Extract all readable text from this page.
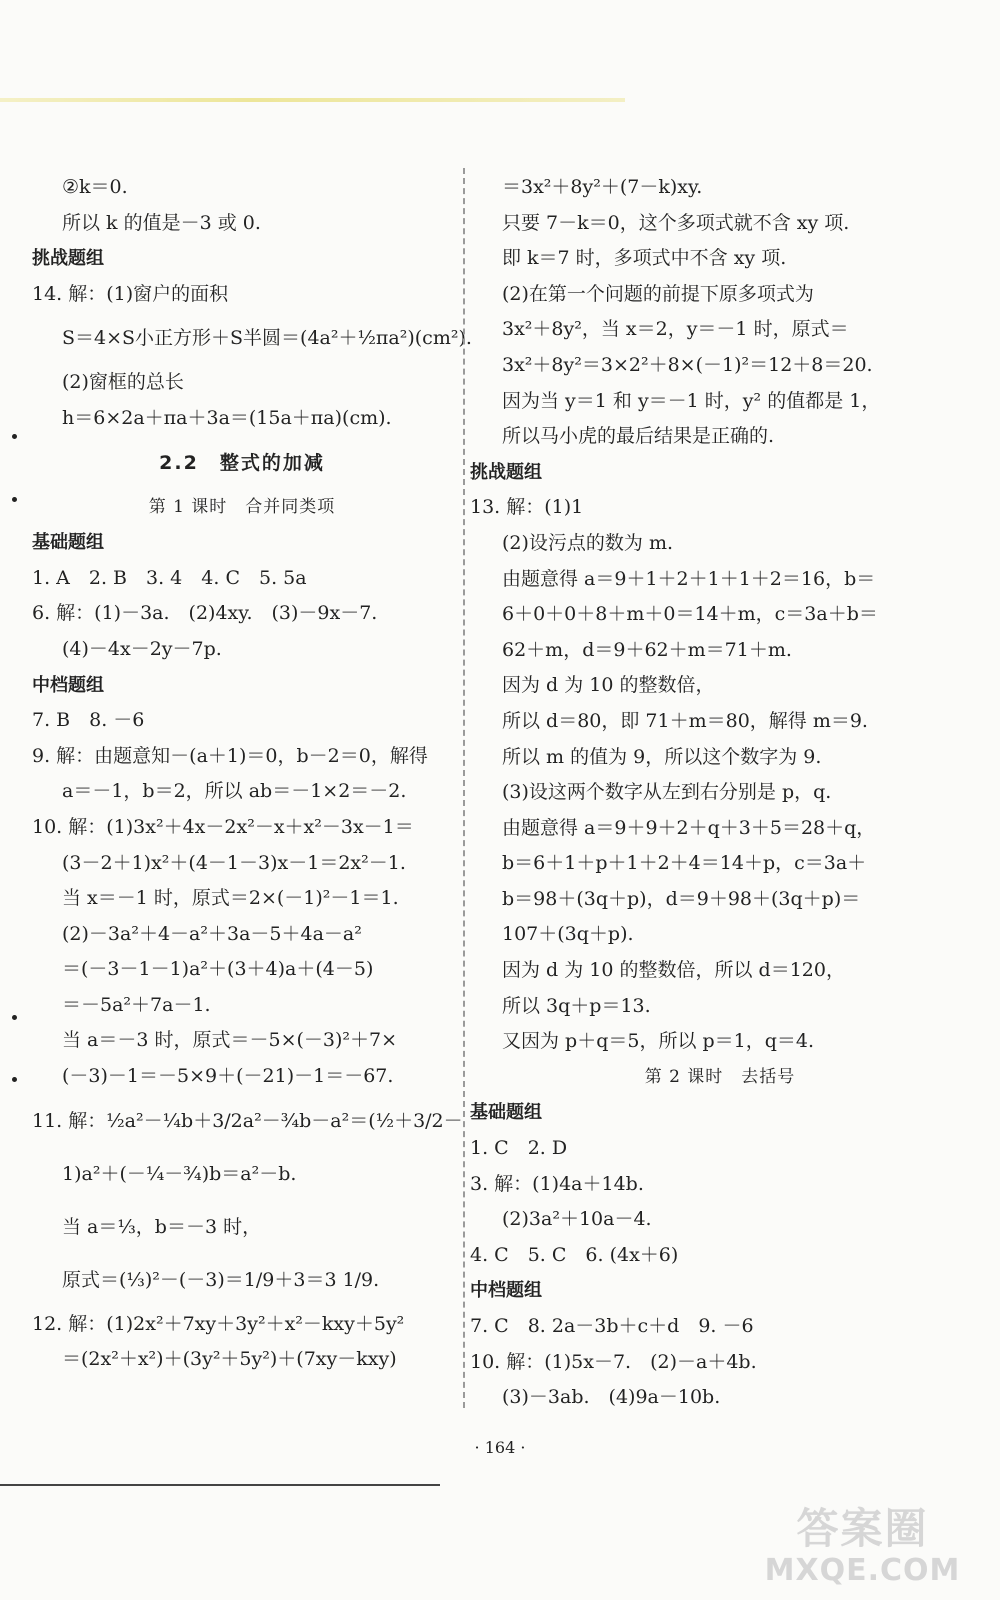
②k＝0.
所以 k 的值是－3 或 0.
挑战题组
14. 解：(1)窗户的面积
S＝4×S小正方形＋S半圆＝(4a²＋½πa²)(cm²).
(2)窗框的总长
h＝6×2a＋πa＋3a＝(15a＋πa)(cm).
2.2　整式的加减
第 1 课时　合并同类项
基础题组
1. A　2. B　3. 4　4. C　5. 5a
6. 解：(1)－3a.　(2)4xy.　(3)－9x－7.
(4)－4x－2y－7p.
中档题组
7. B　8. －6
9. 解：由题意知－(a＋1)＝0，b－2＝0，解得
a＝－1，b＝2，所以 ab＝－1×2＝－2.
10. 解：(1)3x²＋4x－2x²－x＋x²－3x－1＝
(3－2＋1)x²＋(4－1－3)x－1＝2x²－1.
当 x＝－1 时，原式＝2×(－1)²－1＝1.
(2)－3a²＋4－a²＋3a－5＋4a－a²
＝(－3－1－1)a²＋(3＋4)a＋(4－5)
＝－5a²＋7a－1.
当 a＝－3 时，原式＝－5×(－3)²＋7×
(－3)－1＝－5×9＋(－21)－1＝－67.
11. 解：½a²－¼b＋3/2a²－¾b－a²＝(½＋3/2－
1)a²＋(－¼－¾)b＝a²－b.
当 a＝⅓，b＝－3 时，
原式＝(⅓)²－(－3)＝1/9＋3＝3 1/9.
12. 解：(1)2x²＋7xy＋3y²＋x²－kxy＋5y²
＝(2x²＋x²)＋(3y²＋5y²)＋(7xy－kxy)
＝3x²＋8y²＋(7－k)xy.
只要 7－k＝0，这个多项式就不含 xy 项.
即 k＝7 时，多项式中不含 xy 项.
(2)在第一个问题的前提下原多项式为
3x²＋8y²，当 x＝2，y＝－1 时，原式＝
3x²＋8y²＝3×2²＋8×(－1)²＝12＋8＝20.
因为当 y＝1 和 y＝－1 时，y² 的值都是 1，
所以马小虎的最后结果是正确的.
挑战题组
13. 解：(1)1
(2)设污点的数为 m.
由题意得 a＝9＋1＋2＋1＋1＋2＝16，b＝
6＋0＋0＋8＋m＋0＝14＋m，c＝3a＋b＝
62＋m，d＝9＋62＋m＝71＋m.
因为 d 为 10 的整数倍，
所以 d＝80，即 71＋m＝80，解得 m＝9.
所以 m 的值为 9，所以这个数字为 9.
(3)设这两个数字从左到右分别是 p，q.
由题意得 a＝9＋9＋2＋q＋3＋5＝28＋q，
b＝6＋1＋p＋1＋2＋4＝14＋p，c＝3a＋
b＝98＋(3q＋p)，d＝9＋98＋(3q＋p)＝
107＋(3q＋p).
因为 d 为 10 的整数倍，所以 d＝120，
所以 3q＋p＝13.
又因为 p＋q＝5，所以 p＝1，q＝4.
第 2 课时　去括号
基础题组
1. C　2. D
3. 解：(1)4a＋14b.
(2)3a²＋10a－4.
4. C　5. C　6. (4x＋6)
中档题组
7. C　8. 2a－3b＋c＋d　9. －6
10. 解：(1)5x－7.　(2)－a＋4b.
(3)－3ab.　(4)9a－10b.
· 164 ·
答案圈
MXQE.COM
